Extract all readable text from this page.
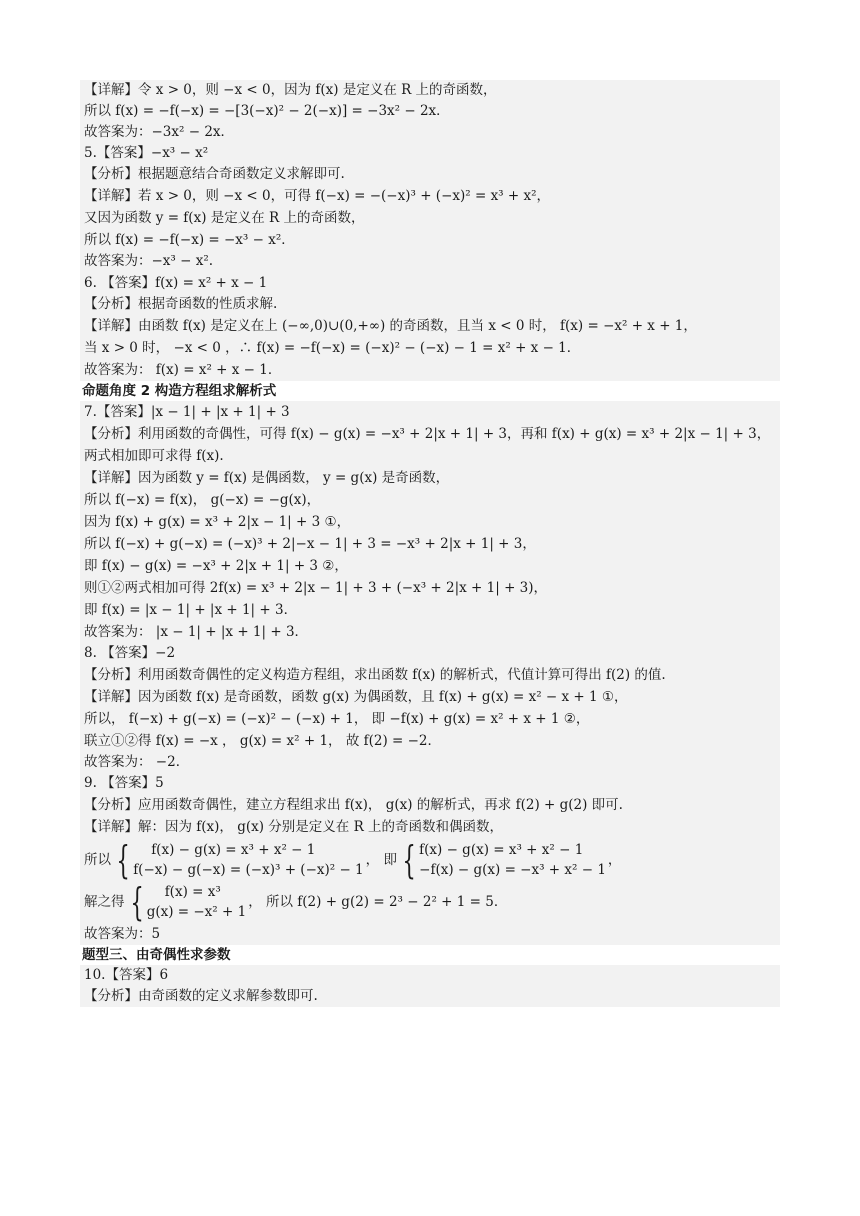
【详解】令 x > 0，则 −x < 0，因为 f(x) 是定义在 R 上的奇函数，
所以 f(x) = −f(−x) = −[3(−x)² − 2(−x)] = −3x² − 2x．
故答案为：−3x² − 2x．
5.【答案】−x³ − x²
【分析】根据题意结合奇函数定义求解即可.
【详解】若 x > 0，则 −x < 0，可得 f(−x) = −(−x)³ + (−x)² = x³ + x²，
又因为函数 y = f(x) 是定义在 R 上的奇函数，
所以 f(x) = −f(−x) = −x³ − x²．
故答案为：−x³ − x².
6. 【答案】f(x) = x² + x − 1
【分析】根据奇函数的性质求解.
【详解】由函数 f(x) 是定义在上 (−∞,0)∪(0,+∞) 的奇函数，且当 x < 0 时， f(x) = −x² + x + 1，
当 x > 0 时， −x < 0 ，∴ f(x) = −f(−x) = (−x)² − (−x) − 1 = x² + x − 1．
故答案为： f(x) = x² + x − 1．
命题角度 2 构造方程组求解析式
7.【答案】|x − 1| + |x + 1| + 3
【分析】利用函数的奇偶性，可得 f(x) − g(x) = −x³ + 2|x + 1| + 3，再和 f(x) + g(x) = x³ + 2|x − 1| + 3，两式相加即可求得 f(x).
【详解】因为函数 y = f(x) 是偶函数， y = g(x) 是奇函数，
所以 f(−x) = f(x)， g(−x) = −g(x)，
因为 f(x) + g(x) = x³ + 2|x − 1| + 3 ①，
所以 f(−x) + g(−x) = (−x)³ + 2|−x − 1| + 3 = −x³ + 2|x + 1| + 3，
即 f(x) − g(x) = −x³ + 2|x + 1| + 3 ②，
则①②两式相加可得 2f(x) = x³ + 2|x − 1| + 3 + (−x³ + 2|x + 1| + 3)，
即 f(x) = |x − 1| + |x + 1| + 3．
故答案为： |x − 1| + |x + 1| + 3．
8. 【答案】−2
【分析】利用函数奇偶性的定义构造方程组，求出函数 f(x) 的解析式，代值计算可得出 f(2) 的值.
【详解】因为函数 f(x) 是奇函数，函数 g(x) 为偶函数，且 f(x) + g(x) = x² − x + 1 ①，
所以， f(−x) + g(−x) = (−x)² − (−x) + 1， 即 −f(x) + g(x) = x² + x + 1 ②，
联立①②得 f(x) = −x ， g(x) = x² + 1， 故 f(2) = −2．
故答案为： −2．
9. 【答案】5
【分析】应用函数奇偶性，建立方程组求出 f(x)， g(x) 的解析式，再求 f(2) + g(2) 即可.
【详解】解：因为 f(x)， g(x) 分别是定义在 R 上的奇函数和偶函数，
所以 {	f(x) − g(x) = x³ + x² − 1
f(−x) − g(−x) = (−x)³ + (−x)² − 1
， 即 { f(x) − g(x) = x³ + x² − 1
−f(x) − g(x) = −x³ + x² − 1
，
解之得 {	f(x) = x³
g(x) = −x² + 1
， 所以 f(2) + g(2) = 2³ − 2² + 1 = 5．
故答案为：5
题型三、由奇偶性求参数
10.【答案】6
【分析】由奇函数的定义求解参数即可.
